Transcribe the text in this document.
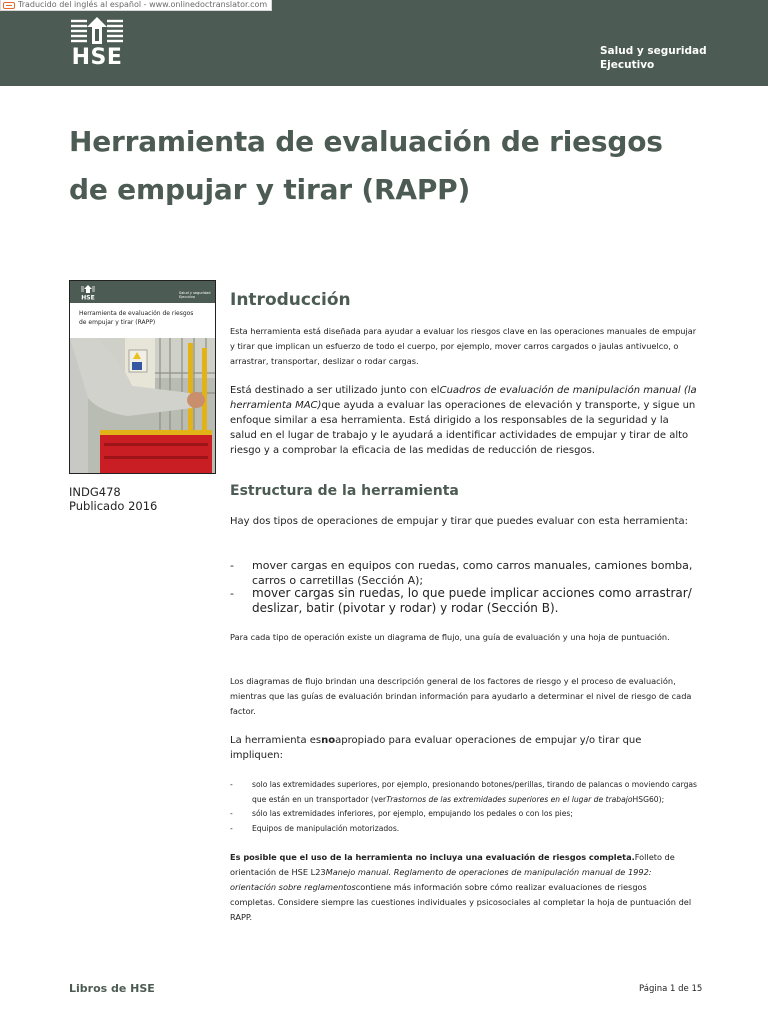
HSE	Salud y seguridad
Ejecutivo
Traducido del inglés al español - www.onlinedoctranslator.com
Herramienta de evaluación de riesgos de empujar y tirar (RAPP)
HSE
Salud y seguridad
Ejecutivo
Herramienta de evaluación de riesgos
de empujar y tirar (RAPP)
INDG478
Publicado 2016
Introducción

Esta herramienta está diseñada para ayudar a evaluar los riesgos clave en las operaciones manuales de empujar y tirar que implican un esfuerzo de todo el cuerpo, por ejemplo, mover carros cargados o jaulas antivuelco, o arrastrar, transportar, deslizar o rodar cargas.

Está destinado a ser utilizado junto con elCuadros de evaluación de manipulación manual (la herramienta MAC)que ayuda a evaluar las operaciones de elevación y transporte, y sigue un enfoque similar a esa herramienta. Está dirigido a los responsables de la seguridad y la salud en el lugar de trabajo y le ayudará a identificar actividades de empujar y tirar de alto riesgo y a comprobar la eficacia de las medidas de reducción de riesgos.

Estructura de la herramienta

Hay dos tipos de operaciones de empujar y tirar que puedes evaluar con esta herramienta:

- mover cargas en equipos con ruedas, como carros manuales, camiones bomba, carros o carretillas (Sección A);
- mover cargas sin ruedas, lo que puede implicar acciones como arrastrar/ deslizar, batir (pivotar y rodar) y rodar (Sección B).

Para cada tipo de operación existe un diagrama de flujo, una guía de evaluación y una hoja de puntuación.

Los diagramas de flujo brindan una descripción general de los factores de riesgo y el proceso de evaluación, mientras que las guías de evaluación brindan información para ayudarlo a determinar el nivel de riesgo de cada factor.

La herramienta esnoapropiado para evaluar operaciones de empujar y/o tirar que impliquen:

-	solo las extremidades superiores, por ejemplo, presionando botones/perillas, tirando de palancas o moviendo cargas que están en un transportador (verTrastornos de las extremidades superiores en el lugar de trabajoHSG60);
-	sólo las extremidades inferiores, por ejemplo, empujando los pedales o con los pies;
-	Equipos de manipulación motorizados.

Es posible que el uso de la herramienta no incluya una evaluación de riesgos completa.Folleto de orientación de HSE L23Manejo manual. Reglamento de operaciones de manipulación manual de 1992: orientación sobre reglamentoscontiene más información sobre cómo realizar evaluaciones de riesgos completas. Considere siempre las cuestiones individuales y psicosociales al completar la hoja de puntuación del RAPP.

Libros de HSE	Página 1 de 15
